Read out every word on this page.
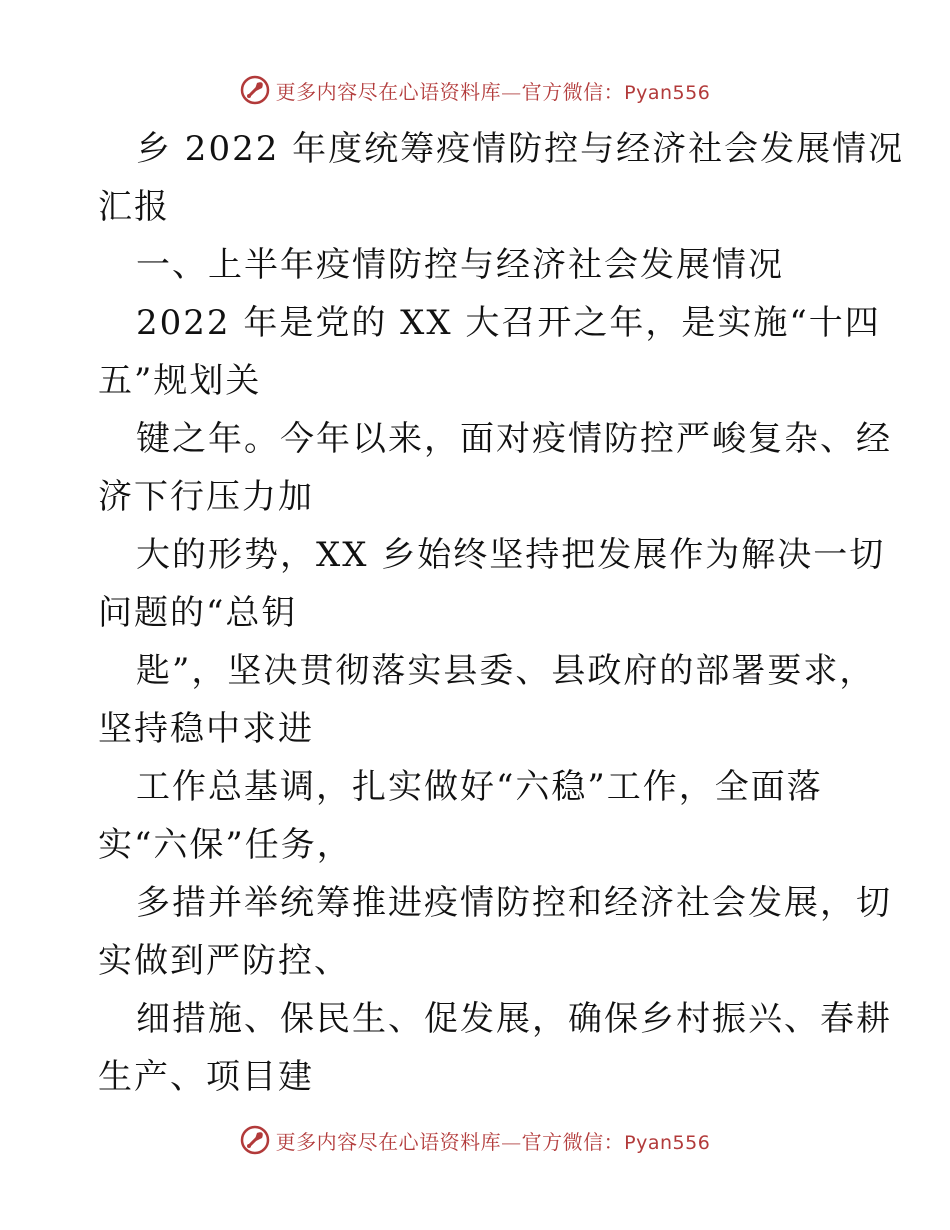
更多内容尽在心语资料库—官方微信：Pyan556
乡 2022 年度统筹疫情防控与经济社会发展情况
汇报
一、上半年疫情防控与经济社会发展情况
2022 年是党的 XX 大召开之年，是实施“十四
五”规划关
键之年。今年以来，面对疫情防控严峻复杂、经
济下行压力加
大的形势，XX 乡始终坚持把发展作为解决一切
问题的“总钥
匙”，坚决贯彻落实县委、县政府的部署要求，
坚持稳中求进
工作总基调，扎实做好“六稳”工作，全面落
实“六保”任务，
多措并举统筹推进疫情防控和经济社会发展，切
实做到严防控、
细措施、保民生、促发展，确保乡村振兴、春耕
生产、项目建
更多内容尽在心语资料库—官方微信：Pyan556
